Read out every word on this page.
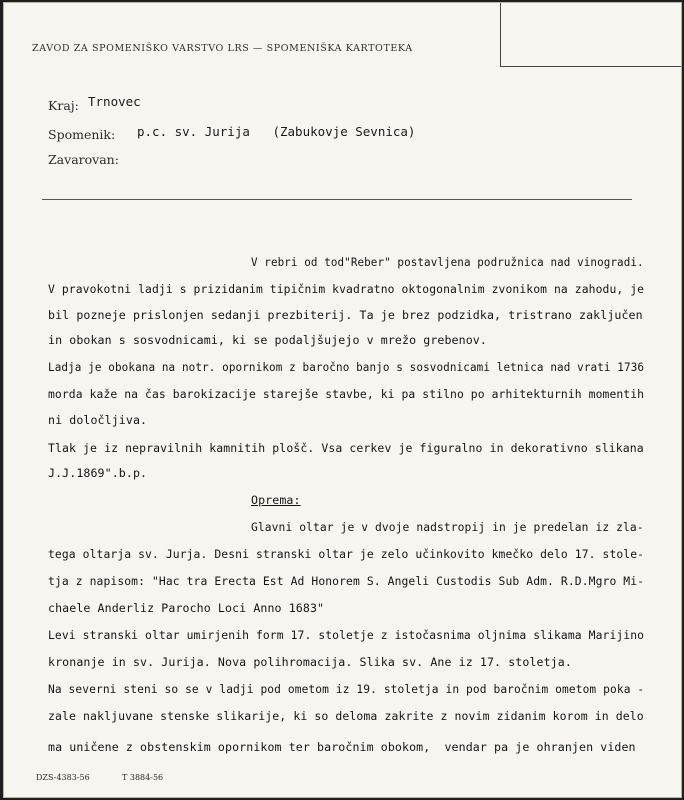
ZAVOD ZA SPOMENIŠKO VARSTVO LRS — SPOMENIŠKA KARTOTEKA
Kraj: Trnovec
Spomenik: p.c. sv. Jurija   (Zabukovje Sevnica)
Zavarovan:
V rebri od tod"Reber" postavljena podružnica nad vinogradi.
V pravokotni ladji s prizidanim tipičnim kvadratno oktogonalnim zvonikom na zahodu, je
bil pozneje prislonjen sedanji prezbiterij. Ta je brez podzidka, tristrano zaključen
in obokan s sosvodnicami, ki se podaljšujejo v mrežo grebenov.
Ladja je obokana na notr. opornikom z baročno banjo s sosvodnicami letnica nad vrati 1736
morda kaže na čas barokizacije starejše stavbe, ki pa stilno po arhitekturnih momentih
ni določljiva.
Tlak je iz nepravilnih kamnitih plošč. Vsa cerkev je figuralno in dekorativno slikana
J.J.1869".b.p.
Oprema:
Glavni oltar je v dvoje nadstropij in je predelan iz zla-
tega oltarja sv. Jurja. Desni stranski oltar je zelo učinkovito kmečko delo 17. stole-
tja z napisom: "Hac tra Erecta Est Ad Honorem S. Angeli Custodis Sub Adm. R.D.Mgro Mi-
chaele Anderliz Parocho Loci Anno 1683"
Levi stranski oltar umirjenih form 17. stoletje z istočasnima oljnima slikama Marijino
kronanje in sv. Jurija. Nova polihromacija. Slika sv. Ane iz 17. stoletja.
Na severni steni so se v ladji pod ometom iz 19. stoletja in pod baročnim ometom poka -
zale nakljuvane stenske slikarije, ki so deloma zakrite z novim zidanim korom in delo
ma uničene z obstenskim opornikom ter baročnim obokom,  vendar pa je ohranjen viden
DZS-4383-56	T 3884-56
